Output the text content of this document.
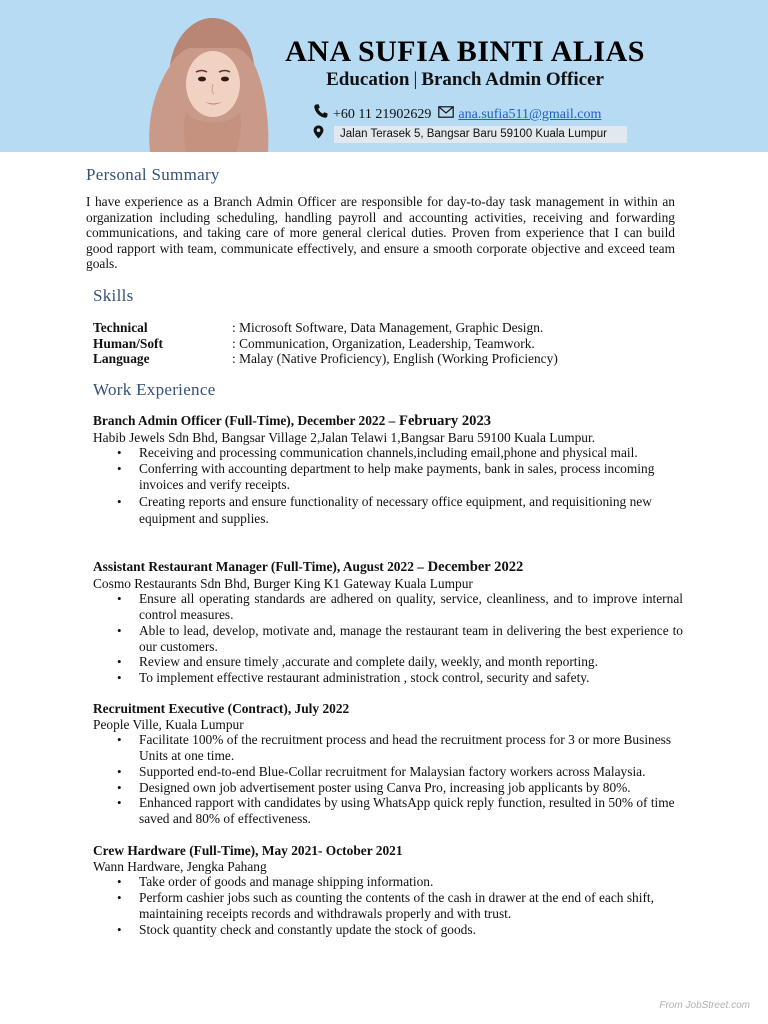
ANA SUFIA BINTI ALIAS
Education | Branch Admin Officer
+60 11 21902629 ana.sufia511@gmail.com
Jalan Terasek 5, Bangsar Baru 59100 Kuala Lumpur
Personal Summary
I have experience as a Branch Admin Officer are responsible for day-to-day task management in within an organization including scheduling, handling payroll and accounting activities, receiving and forwarding communications, and taking care of more general clerical duties. Proven from experience that I can build good rapport with team, communicate effectively, and ensure a smooth corporate objective and exceed team goals.
Skills
Technical	: Microsoft Software, Data Management, Graphic Design.
Human/Soft	: Communication, Organization, Leadership, Teamwork.
Language	: Malay (Native Proficiency), English (Working Proficiency)
Work Experience
Branch Admin Officer (Full-Time), December 2022 – February 2023
Habib Jewels Sdn Bhd, Bangsar Village 2,Jalan Telawi 1,Bangsar Baru 59100 Kuala Lumpur.
• Receiving and processing communication channels,including email,phone and physical mail.
• Conferring with accounting department to help make payments, bank in sales, process incoming invoices and verify receipts.
• Creating reports and ensure functionality of necessary office equipment, and requisitioning new equipment and supplies.
Assistant Restaurant Manager (Full-Time), August 2022 – December 2022
Cosmo Restaurants Sdn Bhd, Burger King K1 Gateway Kuala Lumpur
• Ensure all operating standards are adhered on quality, service, cleanliness, and to improve internal control measures.
• Able to lead, develop, motivate and, manage the restaurant team in delivering the best experience to our customers.
• Review and ensure timely ,accurate and complete daily, weekly, and month reporting.
• To implement effective restaurant administration , stock control, security and safety.
Recruitment Executive (Contract), July 2022
People Ville, Kuala Lumpur
• Facilitate 100% of the recruitment process and head the recruitment process for 3 or more Business Units at one time.
• Supported end-to-end Blue-Collar recruitment for Malaysian factory workers across Malaysia.
• Designed own job advertisement poster using Canva Pro, increasing job applicants by 80%.
• Enhanced rapport with candidates by using WhatsApp quick reply function, resulted in 50% of time saved and 80% of effectiveness.
Crew Hardware (Full-Time), May 2021- October 2021
Wann Hardware, Jengka Pahang
• Take order of goods and manage shipping information.
• Perform cashier jobs such as counting the contents of the cash in drawer at the end of each shift, maintaining receipts records and withdrawals properly and with trust.
• Stock quantity check and constantly update the stock of goods.
From JobStreet.com
